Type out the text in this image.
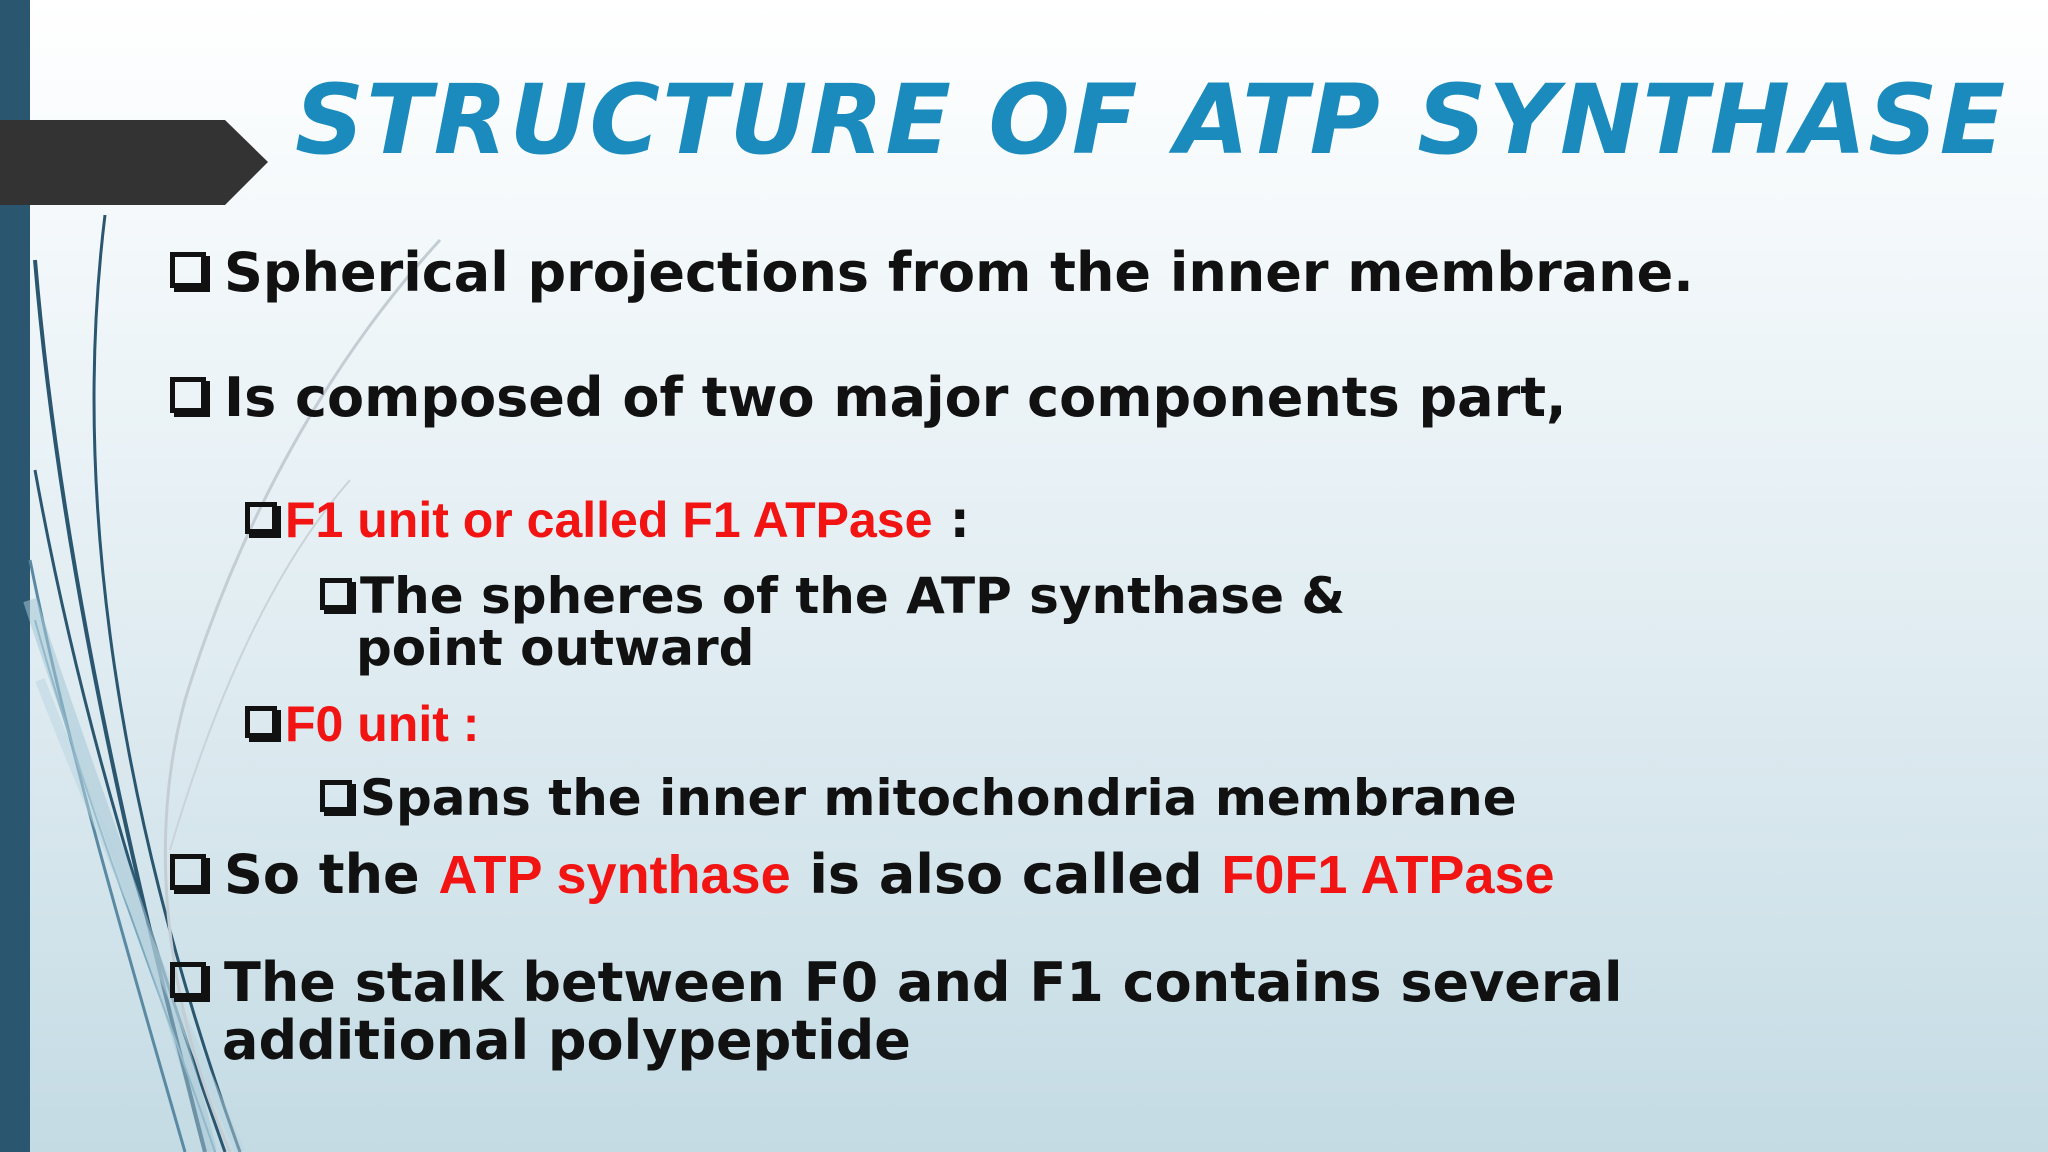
STRUCTURE OF ATP SYNTHASE
Spherical projections from the inner membrane.
Is composed of two major components part,
F1 unit or called F1 ATPase :
The spheres of the ATP synthase &
point outward
F0 unit :
Spans the inner mitochondria membrane
So the ATP synthase is also called F0F1 ATPase
The stalk between F0 and F1 contains several
additional polypeptide
